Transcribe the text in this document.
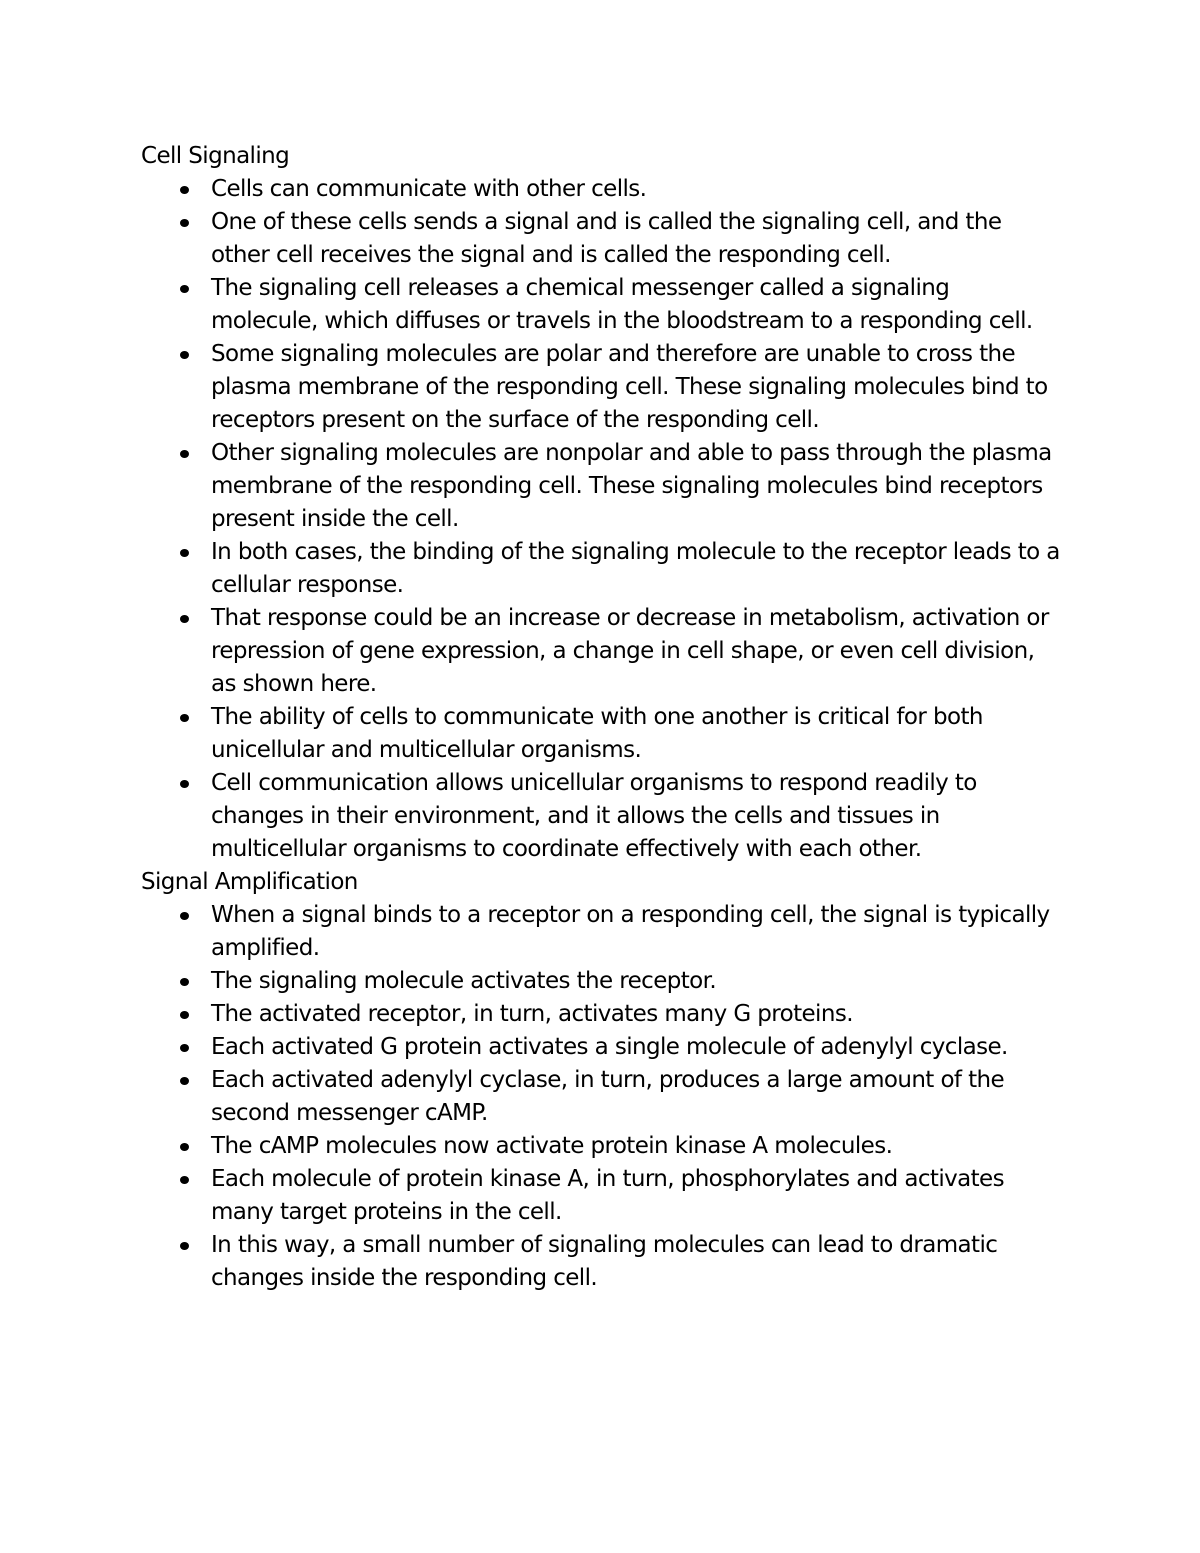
Cell Signaling
Cells can communicate with other cells.
One of these cells sends a signal and is called the signaling cell, and the other cell receives the signal and is called the responding cell.
The signaling cell releases a chemical messenger called a signaling molecule, which diffuses or travels in the bloodstream to a responding cell.
Some signaling molecules are polar and therefore are unable to cross the plasma membrane of the responding cell. These signaling molecules bind to receptors present on the surface of the responding cell.
Other signaling molecules are nonpolar and able to pass through the plasma membrane of the responding cell. These signaling molecules bind receptors present inside the cell.
In both cases, the binding of the signaling molecule to the receptor leads to a cellular response.
That response could be an increase or decrease in metabolism, activation or repression of gene expression, a change in cell shape, or even cell division, as shown here.
The ability of cells to communicate with one another is critical for both unicellular and multicellular organisms.
Cell communication allows unicellular organisms to respond readily to changes in their environment, and it allows the cells and tissues in multicellular organisms to coordinate effectively with each other.
Signal Amplification
When a signal binds to a receptor on a responding cell, the signal is typically amplified.
The signaling molecule activates the receptor.
The activated receptor, in turn, activates many G proteins.
Each activated G protein activates a single molecule of adenylyl cyclase.
Each activated adenylyl cyclase, in turn, produces a large amount of the second messenger cAMP.
The cAMP molecules now activate protein kinase A molecules.
Each molecule of protein kinase A, in turn, phosphorylates and activates many target proteins in the cell.
In this way, a small number of signaling molecules can lead to dramatic changes inside the responding cell.
